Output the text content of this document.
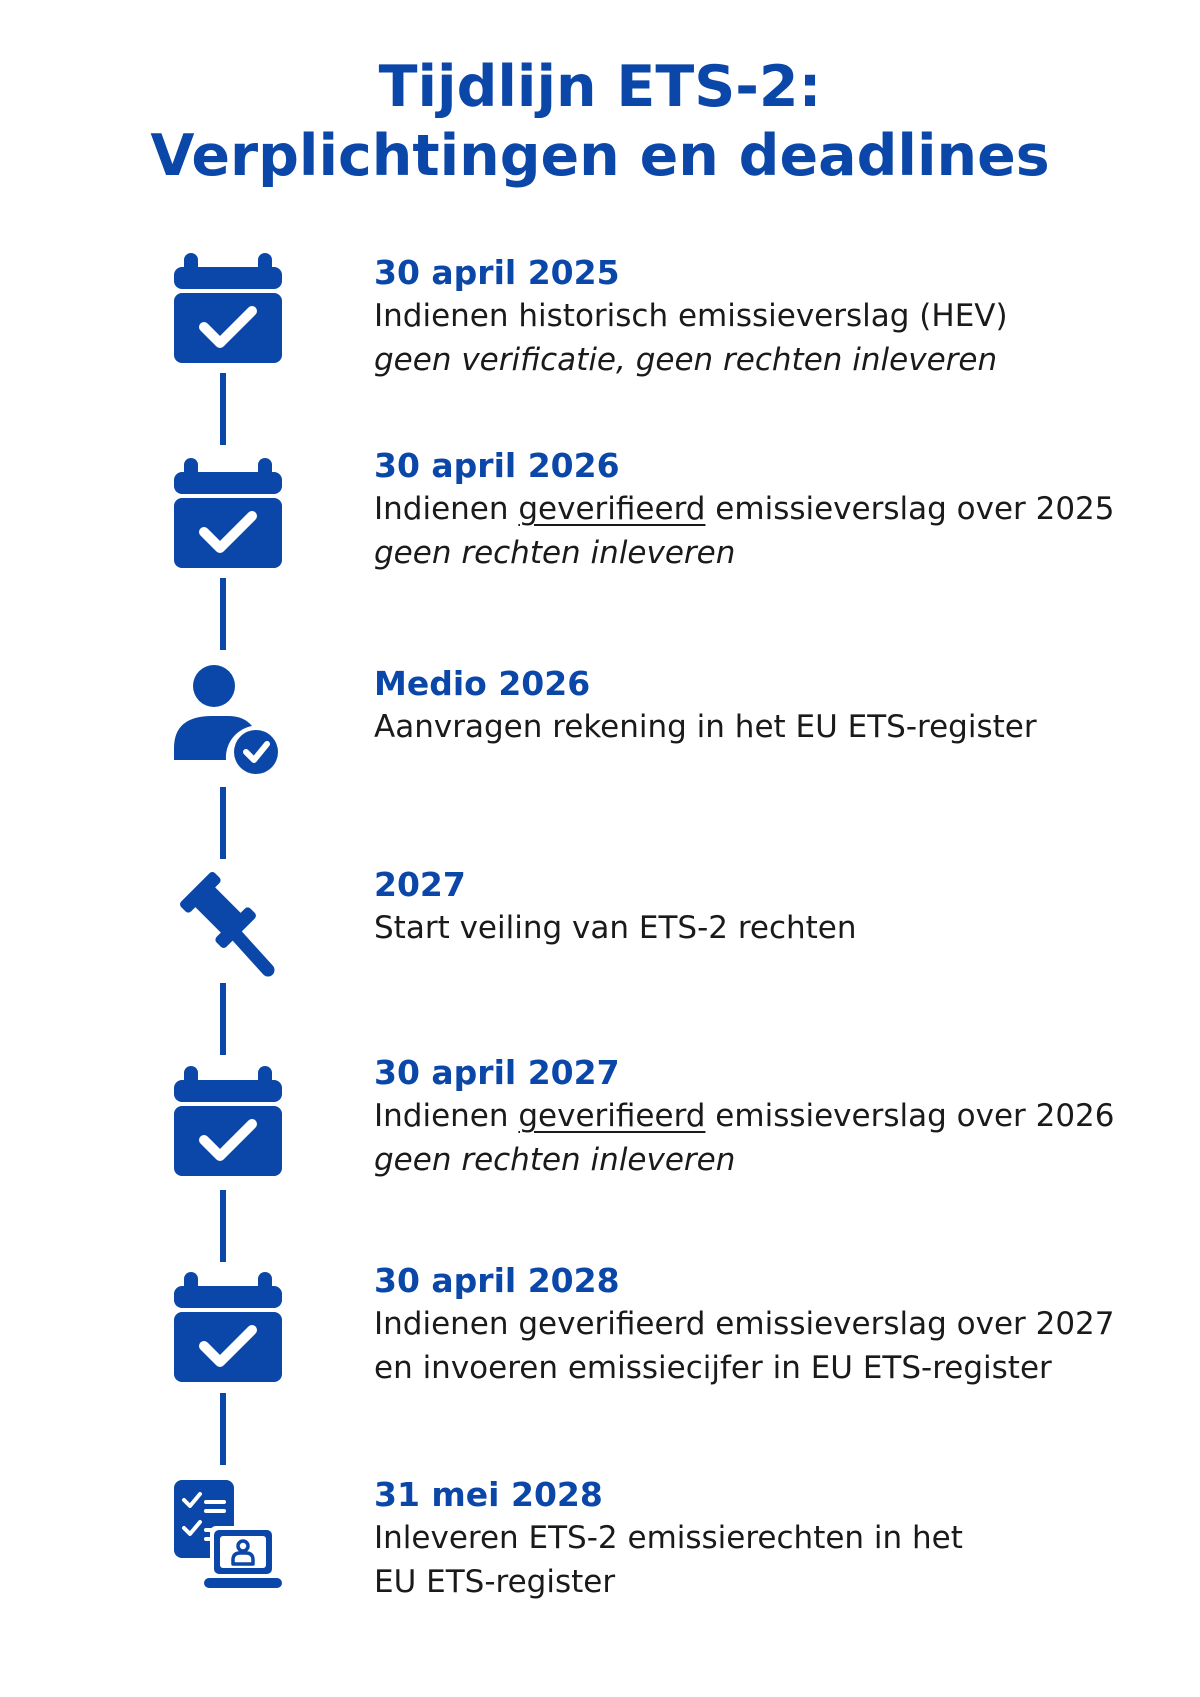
Tijdlijn ETS-2:
Verplichtingen en deadlines
30 april 2025
Indienen historisch emissieverslag (HEV)
geen verificatie, geen rechten inleveren
30 april 2026
Indienen geverifieerd emissieverslag over 2025
geen rechten inleveren
Medio 2026
Aanvragen rekening in het EU ETS-register
2027
Start veiling van ETS-2 rechten
30 april 2027
Indienen geverifieerd emissieverslag over 2026
geen rechten inleveren
30 april 2028
Indienen geverifieerd emissieverslag over 2027
en invoeren emissiecijfer in EU ETS-register
31 mei 2028
Inleveren ETS-2 emissierechten in het
EU ETS-register
